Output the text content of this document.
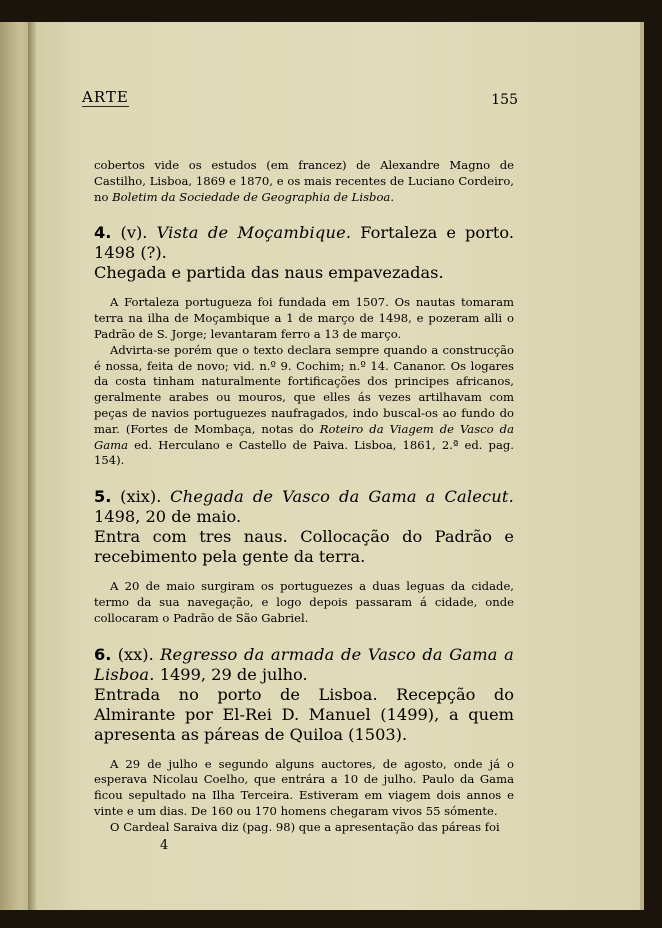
ARTE	155

cobertos vide os estudos (em francez) de Alexandre Magno de Castilho, Lisboa, 1869 e 1870, e os mais recentes de Luciano Cordeiro, no Boletim da Sociedade de Geographia de Lisboa.

4. (v). Vista de Moçambique. Fortaleza e porto. 1498 (?).

Chegada e partida das naus empavezadas.

A Fortaleza portugueza foi fundada em 1507. Os nautas tomaram terra na ilha de Moçambique a 1 de março de 1498, e pozeram alli o Padrão de S. Jorge; levantaram ferro a 13 de março.

Advirta-se porém que o texto declara sempre quando a construcção é nossa, feita de novo; vid. n.º 9. Cochim; n.º 14. Cananor. Os logares da costa tinham naturalmente fortificações dos principes africanos, geralmente arabes ou mouros, que elles ás vezes artilhavam com peças de navios portuguezes naufragados, indo buscal-os ao fundo do mar. (Fortes de Mombaça, notas do Roteiro da Viagem de Vasco da Gama ed. Herculano e Castello de Paiva. Lisboa, 1861, 2.ª ed. pag. 154).

5. (xix). Chegada de Vasco da Gama a Calecut. 1498, 20 de maio.

Entra com tres naus. Collocação do Padrão e recebimento pela gente da terra.

A 20 de maio surgiram os portuguezes a duas leguas da cidade, termo da sua navegação, e logo depois passaram á cidade, onde collocaram o Padrão de São Gabriel.

6. (xx). Regresso da armada de Vasco da Gama a Lisboa. 1499, 29 de julho.

Entrada no porto de Lisboa. Recepção do Almirante por El-Rei D. Manuel (1499), a quem apresenta as páreas de Quiloa (1503).

A 29 de julho e segundo alguns auctores, de agosto, onde já o esperava Nicolau Coelho, que entrára a 10 de julho. Paulo da Gama ficou sepultado na Ilha Terceira. Estiveram em viagem dois annos e vinte e um dias. De 160 ou 170 homens chegaram vivos 55 sómente.

O Cardeal Saraiva diz (pag. 98) que a apresentação das páreas foi

4
